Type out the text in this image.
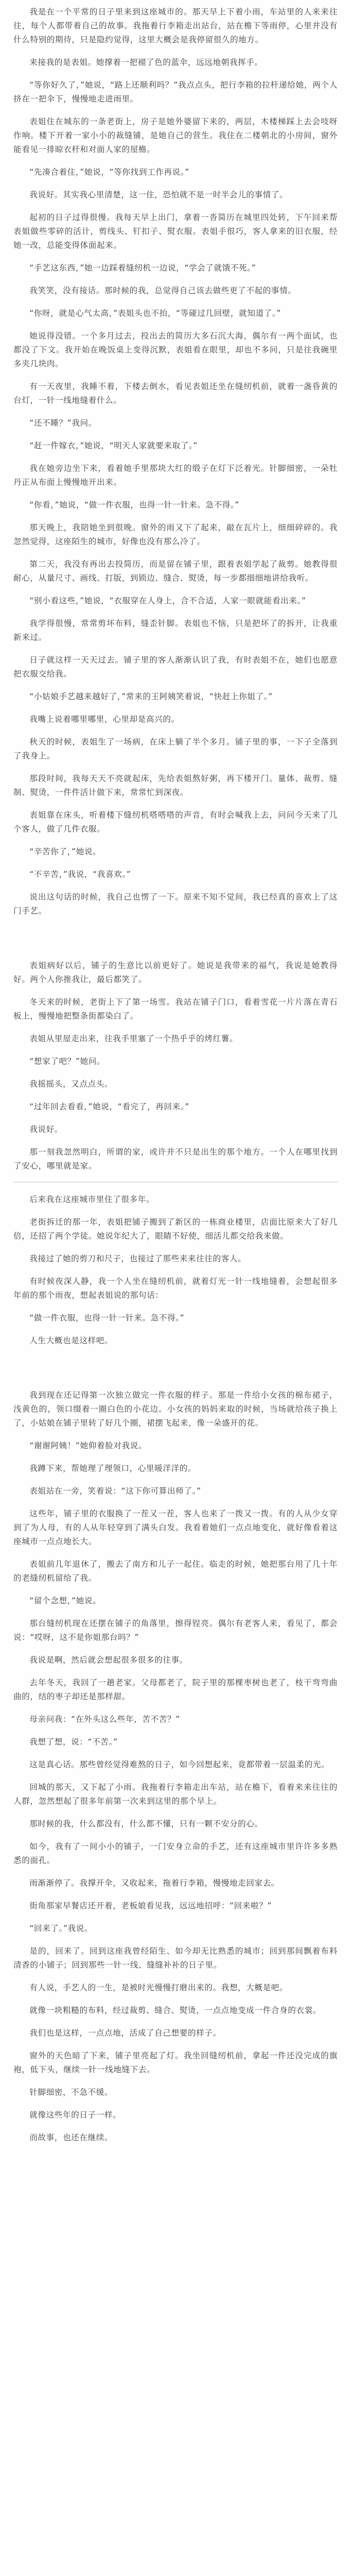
我是在一个平常的日子里来到这座城市的。那天早上下着小雨，车站里的人来来往往，每个人都带着自己的故事。我拖着行李箱走出站台，站在檐下等雨停，心里并没有什么特别的期待，只是隐约觉得，这里大概会是我停留很久的地方。

来接我的是表姐。她撑着一把褪了色的蓝伞，远远地朝我挥手。

“等你好久了，”她说，“路上还顺利吗？”我点点头，把行李箱的拉杆递给她，两个人挤在一把伞下，慢慢地走进雨里。

表姐住在城东的一条老街上，房子是她外婆留下来的，两层，木楼梯踩上去会吱呀作响。楼下开着一家小小的裁缝铺，是她自己的营生。我住在二楼朝北的小房间，窗外能看见一排晾衣杆和对面人家的屋檐。

“先凑合着住，”她说，“等你找到工作再说。”

我说好。其实我心里清楚，这一住，恐怕就不是一时半会儿的事情了。

起初的日子过得很慢。我每天早上出门，拿着一沓简历在城里四处转，下午回来帮表姐做些零碎的活计，剪线头、钉扣子、熨衣服。表姐手很巧，客人拿来的旧衣服，经她一改，总能变得体面起来。

“手艺这东西，”她一边踩着缝纫机一边说，“学会了就饿不死。”

我笑笑，没有接话。那时候的我，总觉得自己该去做些更了不起的事情。

“你呀，就是心气太高，”表姐头也不抬，“等碰过几回壁，就知道了。”

她说得没错。一个多月过去，投出去的简历大多石沉大海，偶尔有一两个面试，也都没了下文。我开始在晚饭桌上变得沉默，表姐看在眼里，却也不多问，只是往我碗里多夹几块肉。

有一天夜里，我睡不着，下楼去倒水，看见表姐还坐在缝纫机前，就着一盏昏黄的台灯，一针一线地缝着什么。

“还不睡？”我问。

“赶一件嫁衣，”她说，“明天人家就要来取了。”

我在她旁边坐下来，看着她手里那块大红的缎子在灯下泛着光。针脚细密，一朵牡丹正从布面上慢慢地开出来。

“你看，”她说，“做一件衣服，也得一针一针来。急不得。”

那天晚上，我陪她坐到很晚。窗外的雨又下了起来，敲在瓦片上，细细碎碎的。我忽然觉得，这座陌生的城市，好像也没有那么冷了。

第二天，我没有再出去投简历，而是留在铺子里，跟着表姐学起了裁剪。她教得很耐心，从量尺寸、画线、打版，到锁边、缝合、熨烫，每一步都细细地讲给我听。

“别小看这些，”她说，“衣服穿在人身上，合不合适，人家一眼就能看出来。”

我学得很慢，常常剪坏布料，缝歪针脚。表姐也不恼，只是把坏了的拆开，让我重新来过。

日子就这样一天天过去。铺子里的客人渐渐认识了我，有时表姐不在，她们也愿意把衣服交给我。

“小姑娘手艺越来越好了，”常来的王阿姨笑着说，“快赶上你姐了。”

我嘴上说着哪里哪里，心里却是高兴的。

秋天的时候，表姐生了一场病，在床上躺了半个多月。铺子里的事，一下子全落到了我身上。

那段时间，我每天天不亮就起床，先给表姐熬好粥，再下楼开门。量体、裁剪、缝制、熨烫，一件件活计做下来，常常忙到深夜。

表姐靠在床头，听着楼下缝纫机嗒嗒嗒的声音，有时会喊我上去，问问今天来了几个客人，做了几件衣服。

“辛苦你了，”她说。

“不辛苦，”我说，“我喜欢。”

说出这句话的时候，我自己也愣了一下。原来不知不觉间，我已经真的喜欢上了这门手艺。

表姐病好以后，铺子的生意比以前更好了。她说是我带来的福气，我说是她教得好。两个人你推我让，最后都笑了。

冬天来的时候，老街上下了第一场雪。我站在铺子门口，看着雪花一片片落在青石板上，慢慢地把整条街都染白了。

表姐从里屋走出来，往我手里塞了一个热乎乎的烤红薯。

“想家了吧？”她问。

我摇摇头，又点点头。

“过年回去看看，”她说，“看完了，再回来。”

我说好。

那一刻我忽然明白，所谓的家，或许并不只是出生的那个地方。一个人在哪里找到了安心，哪里就是家。

后来我在这座城市里住了很多年。

老街拆迁的那一年，表姐把铺子搬到了新区的一栋商业楼里，店面比原来大了好几倍，还招了两个学徒。她说年纪大了，眼睛不好使，细活儿都交给我来做。

我接过了她的剪刀和尺子，也接过了那些来来往往的客人。

有时候夜深人静，我一个人坐在缝纫机前，就着灯光一针一线地缝着，会想起很多年前的那个雨夜，想起表姐说的那句话：

“做一件衣服，也得一针一针来。急不得。”

人生大概也是这样吧。

我到现在还记得第一次独立做完一件衣服的样子。那是一件给小女孩的棉布裙子，浅黄色的，领口缀着一圈白色的小花边。小女孩的妈妈来取的时候，当场就给孩子换上了，小姑娘在铺子里转了好几个圈，裙摆飞起来，像一朵盛开的花。

“谢谢阿姨！”她仰着脸对我说。

我蹲下来，帮她理了理领口，心里暖洋洋的。

表姐站在一旁，笑着说：“这下你可算出师了。”

这些年，铺子里的衣服换了一茬又一茬，客人也来了一拨又一拨。有的人从少女穿到了为人母，有的人从年轻穿到了满头白发。我看着她们一点点地变化，就好像看着这座城市一点点地长大。

表姐前几年退休了，搬去了南方和儿子一起住。临走的时候，她把那台用了几十年的老缝纫机留给了我。

“留个念想，”她说。

那台缝纫机现在还摆在铺子的角落里，擦得锃亮。偶尔有老客人来，看见了，都会说：“哎呀，这不是你姐那台吗？”

我说是啊，然后就会想起很多很多的往事。

去年冬天，我回了一趟老家。父母都老了，院子里的那棵枣树也老了，枝干弯弯曲曲的，结的枣子却还是那样甜。

母亲问我：“在外头这么些年，苦不苦？”

我想了想，说：“不苦。”

这是真心话。那些曾经觉得难熬的日子，如今回想起来，竟都带着一层温柔的光。

回城的那天，又下起了小雨。我拖着行李箱走出车站，站在檐下，看着来来往往的人群，忽然想起了很多年前第一次来到这里的那个早上。

那时候的我，什么都没有，什么都不懂，只有一颗不安分的心。

如今，我有了一间小小的铺子，一门安身立命的手艺，还有这座城市里许许多多熟悉的面孔。

雨渐渐停了。我撑开伞，又收起来，拖着行李箱，慢慢地走回家去。

街角那家早餐店还开着，老板娘看见我，远远地招呼：“回来啦？”

“回来了。”我说。

是的，回来了。回到这座我曾经陌生、如今却无比熟悉的城市；回到那间飘着布料清香的小铺子；回到那些一针一线、缝缝补补的日子里。

有人说，手艺人的一生，是被时光慢慢打磨出来的。我想，大概是吧。

就像一块粗糙的布料，经过裁剪、缝合、熨烫，一点点地变成一件合身的衣裳。

我们也是这样，一点点地，活成了自己想要的样子。

窗外的天色暗了下来，铺子里亮起了灯。我坐回缝纫机前，拿起一件还没完成的旗袍，低下头，继续一针一线地缝下去。

针脚细密，不急不缓。

就像这些年的日子一样。

而故事，也还在继续。
